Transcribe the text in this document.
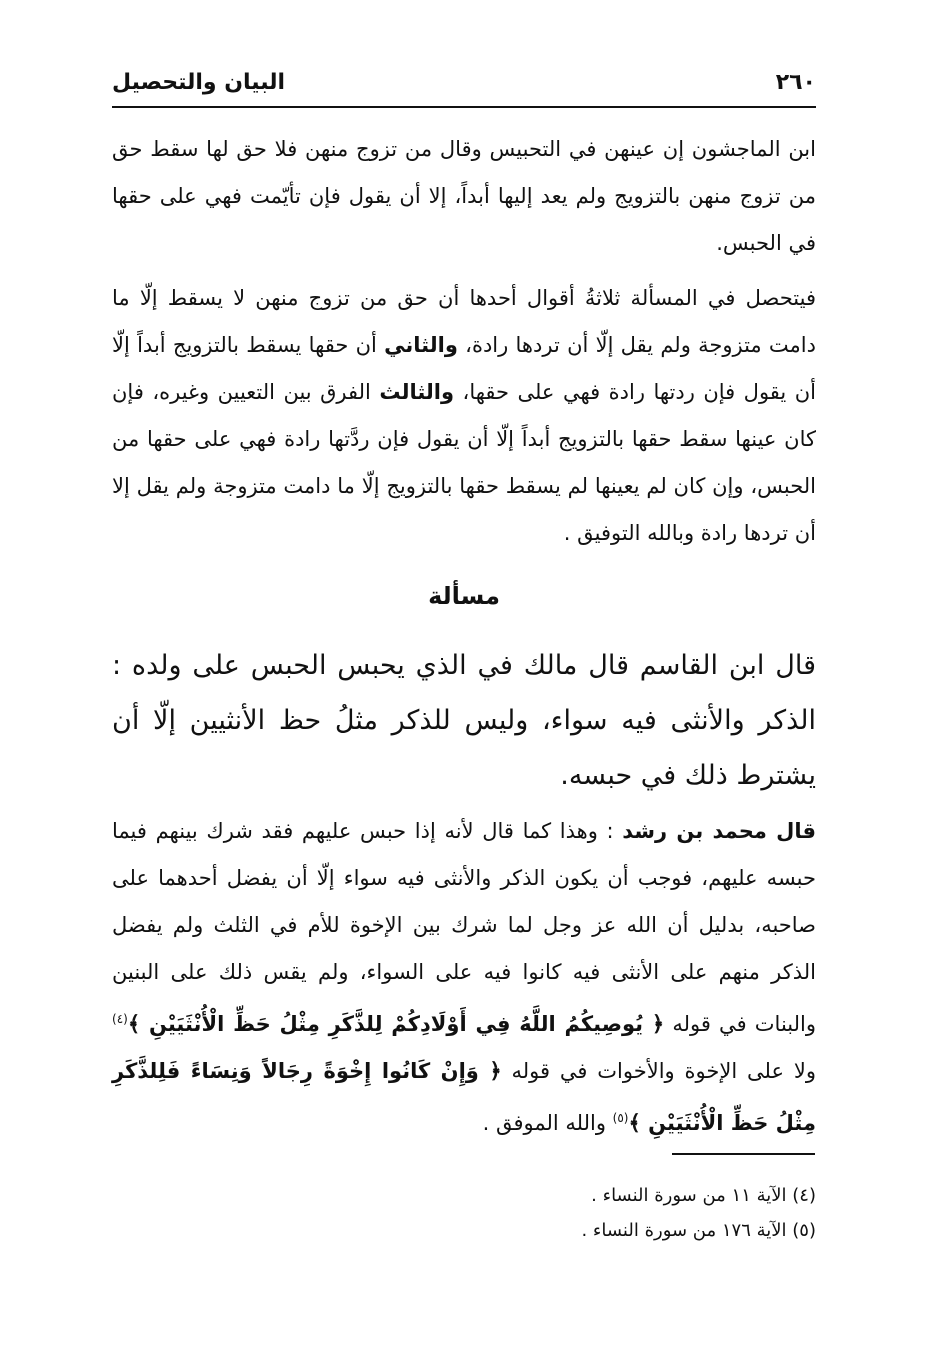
٢٦٠
البيان والتحصيل

ابن الماجشون إن عينهن في التحبيس وقال من تزوج منهن فلا حق لها سقط حق من تزوج منهن بالتزويج ولم يعد إليها أبداً، إلا أن يقول فإن تأيّمت فهي على حقها في الحبس.

فيتحصل في المسألة ثلاثةُ أقوال أحدها أن حق من تزوج منهن لا يسقط إلّا ما دامت متزوجة ولم يقل إلّا أن تردها رادة، والثاني أن حقها يسقط بالتزويج أبداً إلّا أن يقول فإن ردتها رادة فهي على حقها، والثالث الفرق بين التعيين وغيره، فإن كان عينها سقط حقها بالتزويج أبداً إلّا أن يقول فإن ردَّتها رادة فهي على حقها من الحبس، وإن كان لم يعينها لم يسقط حقها بالتزويج إلّا ما دامت متزوجة ولم يقل إلا أن تردها رادة وبالله التوفيق .

مسألة

قال ابن القاسم قال مالك في الذي يحبس الحبس على ولده : الذكر والأنثى فيه سواء، وليس للذكر مثلُ حظ الأنثيين إلّا أن يشترط ذلك في حبسه.

قال محمد بن رشد : وهذا كما قال لأنه إذا حبس عليهم فقد شرك بينهم فيما حبسه عليهم، فوجب أن يكون الذكر والأنثى فيه سواء إلّا أن يفضل أحدهما على صاحبه، بدليل أن الله عز وجل لما شرك بين الإخوة للأم في الثلث ولم يفضل الذكر منهم على الأنثى فيه كانوا فيه على السواء، ولم يقس ذلك على البنين والبنات في قوله ﴿ يُوصِيكُمُ اللَّهُ فِي أَوْلَادِكُمْ لِلذَّكَرِ مِثْلُ حَظِّ الْأُنْثَيَيْنِ ﴾$^{(٤)}$ ولا على الإخوة والأخوات في قوله ﴿ وَإِنْ كَانُوا إِخْوَةً رِجَالاً وَنِسَاءً فَلِلذَّكَرِ مِثْلُ حَظِّ الْأُنْثَيَيْنِ ﴾$^{(٥)}$ والله الموفق .

(٤) الآية ١١ من سورة النساء .
(٥) الآية ١٧٦ من سورة النساء .
